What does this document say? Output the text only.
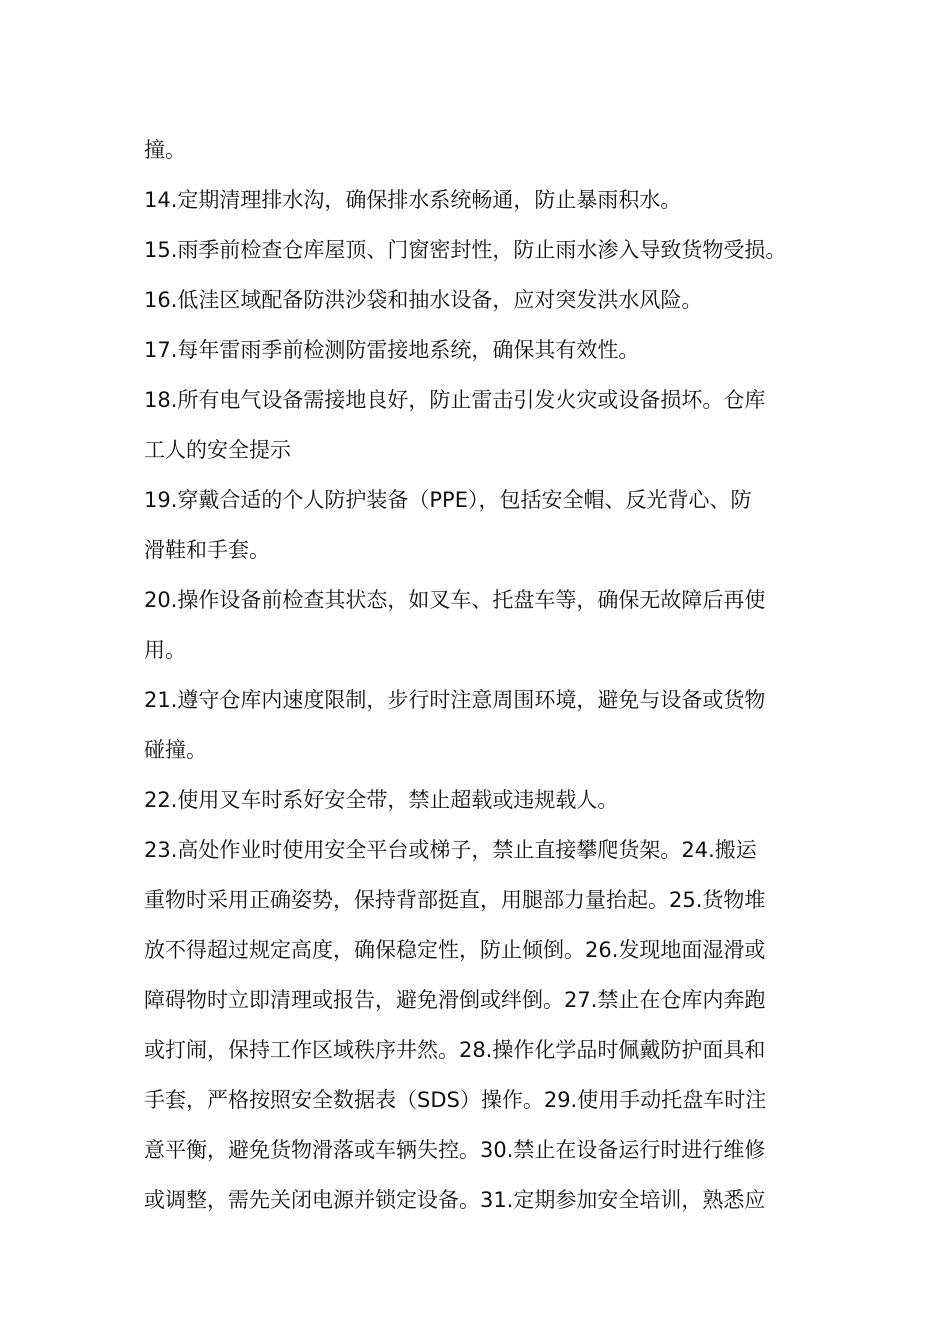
撞。
14.定期清理排水沟，确保排水系统畅通，防止暴雨积水。
15.雨季前检查仓库屋顶、门窗密封性，防止雨水渗入导致货物受损。
16.低洼区域配备防洪沙袋和抽水设备，应对突发洪水风险。
17.每年雷雨季前检测防雷接地系统，确保其有效性。
18.所有电气设备需接地良好，防止雷击引发火灾或设备损坏。仓库
工人的安全提示
19.穿戴合适的个人防护装备（PPE），包括安全帽、反光背心、防
滑鞋和手套。
20.操作设备前检查其状态，如叉车、托盘车等，确保无故障后再使
用。
21.遵守仓库内速度限制，步行时注意周围环境，避免与设备或货物
碰撞。
22.使用叉车时系好安全带，禁止超载或违规载人。
23.高处作业时使用安全平台或梯子，禁止直接攀爬货架。24.搬运
重物时采用正确姿势，保持背部挺直，用腿部力量抬起。25.货物堆
放不得超过规定高度，确保稳定性，防止倾倒。26.发现地面湿滑或
障碍物时立即清理或报告，避免滑倒或绊倒。27.禁止在仓库内奔跑
或打闹，保持工作区域秩序井然。28.操作化学品时佩戴防护面具和
手套，严格按照安全数据表（SDS）操作。29.使用手动托盘车时注
意平衡，避免货物滑落或车辆失控。30.禁止在设备运行时进行维修
或调整，需先关闭电源并锁定设备。31.定期参加安全培训，熟悉应
